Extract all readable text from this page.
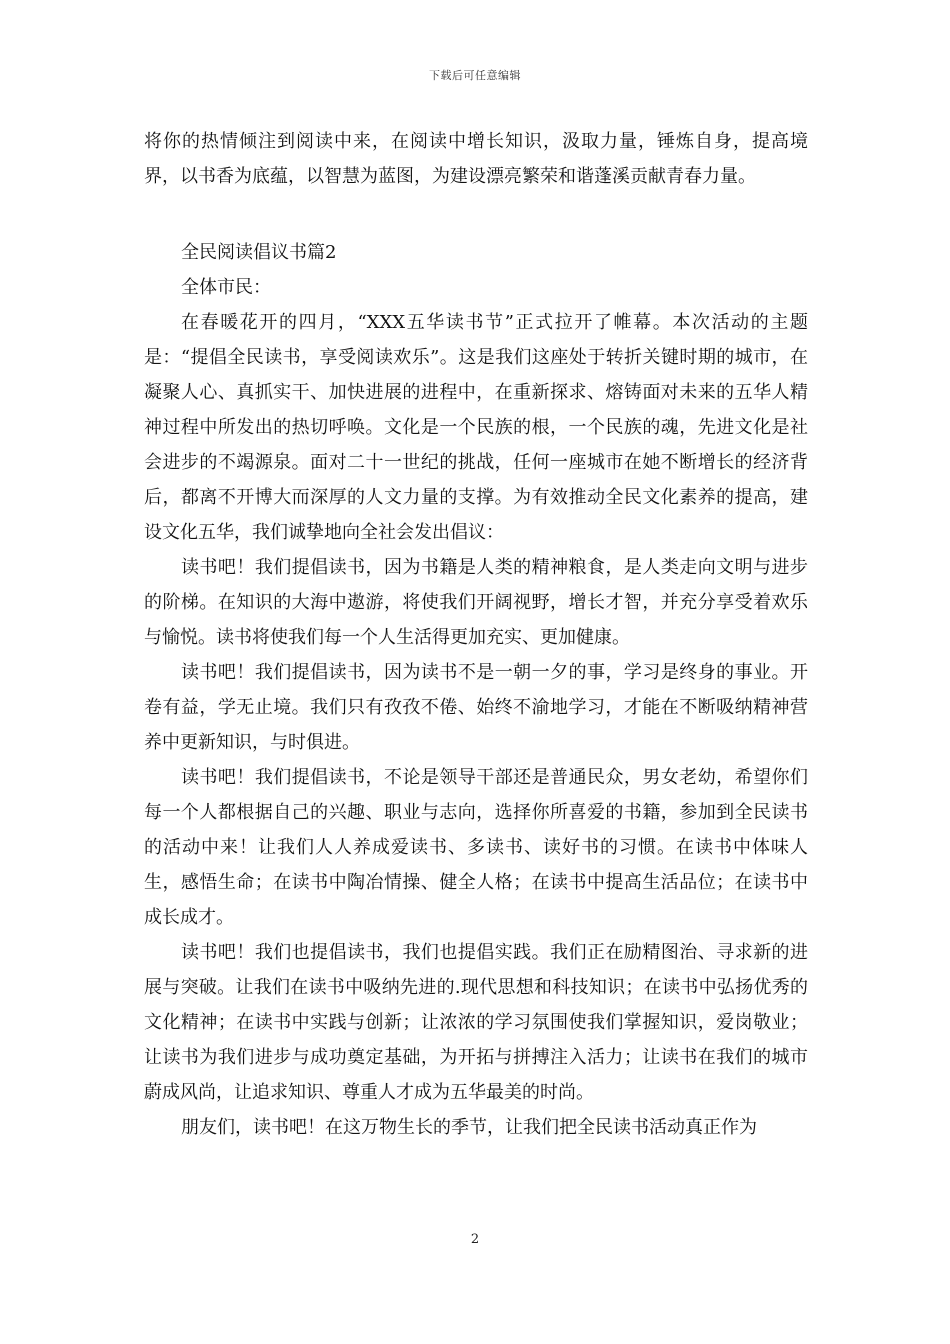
下载后可任意编辑

将你的热情倾注到阅读中来，在阅读中增长知识，汲取力量，锤炼自身，提高境界，以书香为底蕴，以智慧为蓝图，为建设漂亮繁荣和谐蓬溪贡献青春力量。

全民阅读倡议书篇2

全体市民：

在春暖花开的四月，“XXX五华读书节”正式拉开了帷幕。本次活动的主题是：“提倡全民读书，享受阅读欢乐”。这是我们这座处于转折关键时期的城市，在凝聚人心、真抓实干、加快进展的进程中，在重新探求、熔铸面对未来的五华人精神过程中所发出的热切呼唤。文化是一个民族的根，一个民族的魂，先进文化是社会进步的不竭源泉。面对二十一世纪的挑战，任何一座城市在她不断增长的经济背后，都离不开博大而深厚的人文力量的支撑。为有效推动全民文化素养的提高，建设文化五华，我们诚挚地向全社会发出倡议：

读书吧！我们提倡读书，因为书籍是人类的精神粮食，是人类走向文明与进步的阶梯。在知识的大海中遨游，将使我们开阔视野，增长才智，并充分享受着欢乐与愉悦。读书将使我们每一个人生活得更加充实、更加健康。

读书吧！我们提倡读书，因为读书不是一朝一夕的事，学习是终身的事业。开卷有益，学无止境。我们只有孜孜不倦、始终不渝地学习，才能在不断吸纳精神营养中更新知识，与时俱进。

读书吧！我们提倡读书，不论是领导干部还是普通民众，男女老幼，希望你们每一个人都根据自己的兴趣、职业与志向，选择你所喜爱的书籍，参加到全民读书的活动中来！让我们人人养成爱读书、多读书、读好书的习惯。在读书中体味人生，感悟生命；在读书中陶冶情操、健全人格；在读书中提高生活品位；在读书中成长成才。

读书吧！我们也提倡读书，我们也提倡实践。我们正在励精图治、寻求新的进展与突破。让我们在读书中吸纳先进的.现代思想和科技知识；在读书中弘扬优秀的文化精神；在读书中实践与创新；让浓浓的学习氛围使我们掌握知识，爱岗敬业；让读书为我们进步与成功奠定基础，为开拓与拼搏注入活力；让读书在我们的城市蔚成风尚，让追求知识、尊重人才成为五华最美的时尚。

朋友们，读书吧！在这万物生长的季节，让我们把全民读书活动真正作为

2
